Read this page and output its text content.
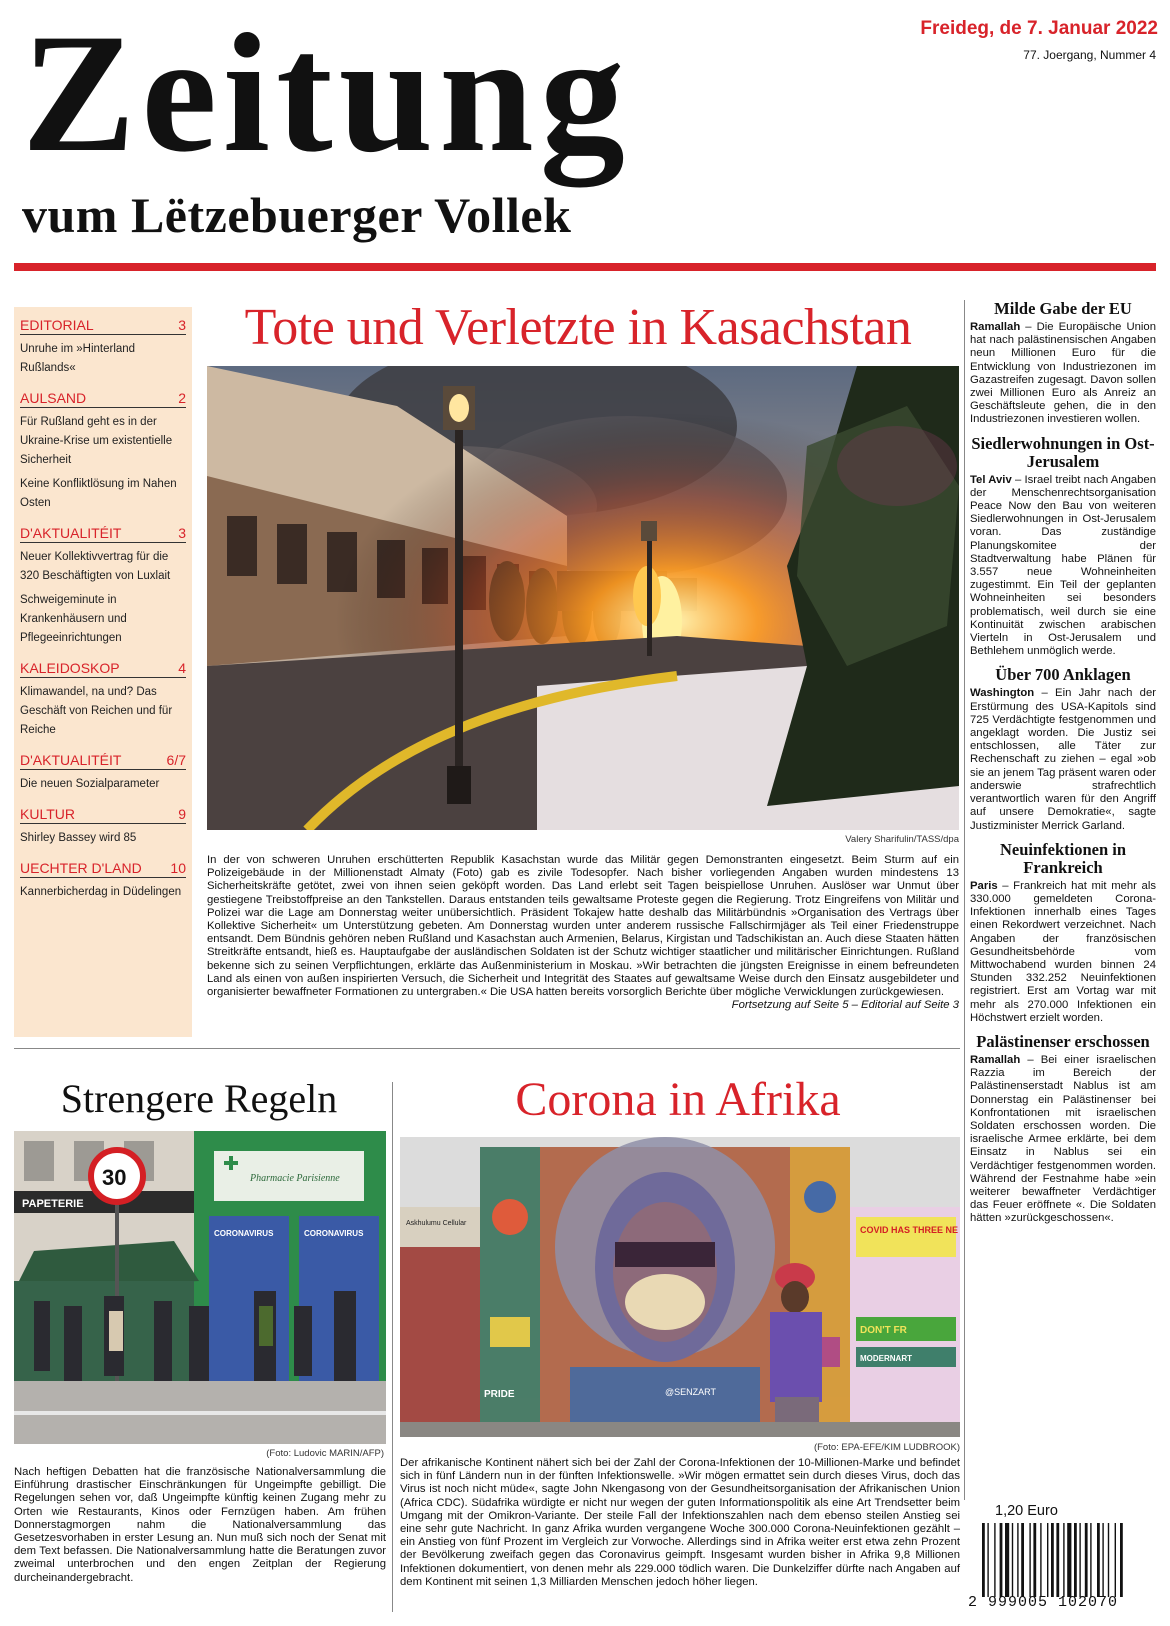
Zeitung
vum Lëtzebuerger Vollek
Freideg, de 7. Januar 2022
77. Joergang, Nummer 4
EDITORIAL	3
Unruhe im »Hinterland Rußlands«
AULSAND	2
Für Rußland geht es in der Ukraine-Krise um existentielle Sicherheit
Keine Konfliktlösung im Nahen Osten
D'AKTUALITÉIT	3
Neuer Kollektivvertrag für die 320 Beschäftigten von Luxlait
Schweigeminute in Krankenhäusern und Pflegeeinrichtungen
KALEIDOSKOP	4
Klimawandel, na und? Das Geschäft von Reichen und für Reiche
D'AKTUALITÉIT	6/7
Die neuen Sozialparameter
KULTUR	9
Shirley Bassey wird 85
UECHTER D'LAND 10
Kannerbicherdag in Düdelingen
Tote und Verletzte in Kasachstan
Valery Sharifulin/TASS/dpa
In der von schweren Unruhen erschütterten Republik Kasachstan wurde das Militär gegen Demonstranten eingesetzt. Beim Sturm auf ein Polizeigebäude in der Millionenstadt Almaty (Foto) gab es zivile Todesopfer. Nach bisher vorliegenden Angaben wurden mindestens 13 Sicherheitskräfte getötet, zwei von ihnen seien geköpft worden. Das Land erlebt seit Tagen beispiellose Unruhen. Auslöser war Unmut über gestiegene Treibstoffpreise an den Tankstellen. Daraus entstanden teils gewaltsame Proteste gegen die Regierung. Trotz Eingreifens von Militär und Polizei war die Lage am Donnerstag weiter unübersichtlich. Präsident Tokajew hatte deshalb das Militärbündnis »Organisation des Vertrags über Kollektive Sicherheit« um Unterstützung gebeten. Am Donnerstag wurden unter anderem russische Fallschirmjäger als Teil einer Friedenstruppe entsandt. Dem Bündnis gehören neben Rußland und Kasachstan auch Armenien, Belarus, Kirgistan und Tadschikistan an. Auch diese Staaten hätten Streitkräfte entsandt, hieß es. Hauptaufgabe der ausländischen Soldaten ist der Schutz wichtiger staatlicher und militärischer Einrichtungen. Rußland bekenne sich zu seinen Verpflichtungen, erklärte das Außenministerium in Moskau. »Wir betrachten die jüngsten Ereignisse in einem befreundeten Land als einen von außen inspirierten Versuch, die Sicherheit und Integrität des Staates auf gewaltsame Weise durch den Einsatz ausgebildeter und organisierter bewaffneter Formationen zu untergraben.« Die USA hatten bereits vorsorglich Berichte über mögliche Verwicklungen zurückgewiesen.
Fortsetzung auf Seite 5 – Editorial auf Seite 3
Milde Gabe der EU
Ramallah – Die Europäische Union hat nach palästinensischen Angaben neun Millionen Euro für die Entwicklung von Industriezonen im Gazastreifen zugesagt. Davon sollen zwei Millionen Euro als Anreiz an Geschäftsleute gehen, die in den Industriezonen investieren wollen.
Siedlerwohnungen in Ost-Jerusalem
Tel Aviv – Israel treibt nach Angaben der Menschenrechtsorganisation Peace Now den Bau von weiteren Siedlerwohnungen in Ost-Jerusalem voran. Das zuständige Planungskomitee der Stadtverwaltung habe Plänen für 3.557 neue Wohneinheiten zugestimmt. Ein Teil der geplanten Wohneinheiten sei besonders problematisch, weil durch sie eine Kontinuität zwischen arabischen Vierteln in Ost-Jerusalem und Bethlehem unmöglich werde.
Über 700 Anklagen
Washington – Ein Jahr nach der Erstürmung des USA-Kapitols sind 725 Verdächtigte festgenommen und angeklagt worden. Die Justiz sei entschlossen, alle Täter zur Rechenschaft zu ziehen – egal »ob sie an jenem Tag präsent waren oder anderswie strafrechtlich verantwortlich waren für den Angriff auf unsere Demokratie«, sagte Justizminister Merrick Garland.
Neuinfektionen in Frankreich
Paris – Frankreich hat mit mehr als 330.000 gemeldeten Corona-Infektionen innerhalb eines Tages einen Rekordwert verzeichnet. Nach Angaben der französischen Gesundheitsbehörde vom Mittwochabend wurden binnen 24 Stunden 332.252 Neuinfektionen registriert. Erst am Vortag war mit mehr als 270.000 Infektionen ein Höchstwert erzielt worden.
Palästinenser erschossen
Ramallah – Bei einer israelischen Razzia im Bereich der Palästinenserstadt Nablus ist am Donnerstag ein Palästinenser bei Konfrontationen mit israelischen Soldaten erschossen worden. Die israelische Armee erklärte, bei dem Einsatz in Nablus sei ein Verdächtiger festgenommen worden. Während der Festnahme habe »ein weiterer bewaffneter Verdächtiger das Feuer eröffnete «. Die Soldaten hätten »zurückgeschossen«.
Strengere Regeln
PAPETERIE
Pharmacie Parisienne
CORONAVIRUS	CORONAVIRUS
30
(Foto: Ludovic MARIN/AFP)
Nach heftigen Debatten hat die französische Nationalversammlung die Einführung drastischer Einschränkungen für Ungeimpfte gebilligt. Die Regelungen sehen vor, daß Ungeimpfte künftig keinen Zugang mehr zu Orten wie Restaurants, Kinos oder Fernzügen haben. Am frühen Donnerstagmorgen nahm die Nationalversammlung das Gesetzesvorhaben in erster Lesung an. Nun muß sich noch der Senat mit dem Text befassen. Die Nationalversammlung hatte die Beratungen zuvor zweimal unterbrochen und den engen Zeitplan der Regierung durcheinandergebracht.
Corona in Afrika
Askhulumu Cellular
@SENZART
PRIDE
COVID HAS THREE NE
DON'T FR
MODERNART
(Foto: EPA-EFE/KIM LUDBROOK)
Der afrikanische Kontinent nähert sich bei der Zahl der Corona-Infektionen der 10-Millionen-Marke und befindet sich in fünf Ländern nun in der fünften Infektionswelle. »Wir mögen ermattet sein durch dieses Virus, doch das Virus ist noch nicht müde«, sagte John Nkengasong von der Gesundheitsorganisation der Afrikanischen Union (Africa CDC). Südafrika würdigte er nicht nur wegen der guten Informationspolitik als eine Art Trendsetter beim Umgang mit der Omikron-Variante. Der steile Fall der Infektionszahlen nach dem ebenso steilen Anstieg sei eine sehr gute Nachricht. In ganz Afrika wurden vergangene Woche 300.000 Corona-Neuinfektionen gezählt – ein Anstieg von fünf Prozent im Vergleich zur Vorwoche. Allerdings sind in Afrika weiter erst etwa zehn Prozent der Bevölkerung zweifach gegen das Coronavirus geimpft. Insgesamt wurden bisher in Afrika 9,8 Millionen Infektionen dokumentiert, von denen mehr als 229.000 tödlich waren. Die Dunkelziffer dürfte nach Angaben auf dem Kontinent mit seinen 1,3 Milliarden Menschen jedoch höher liegen.
1,20 Euro
2 999005 102070
